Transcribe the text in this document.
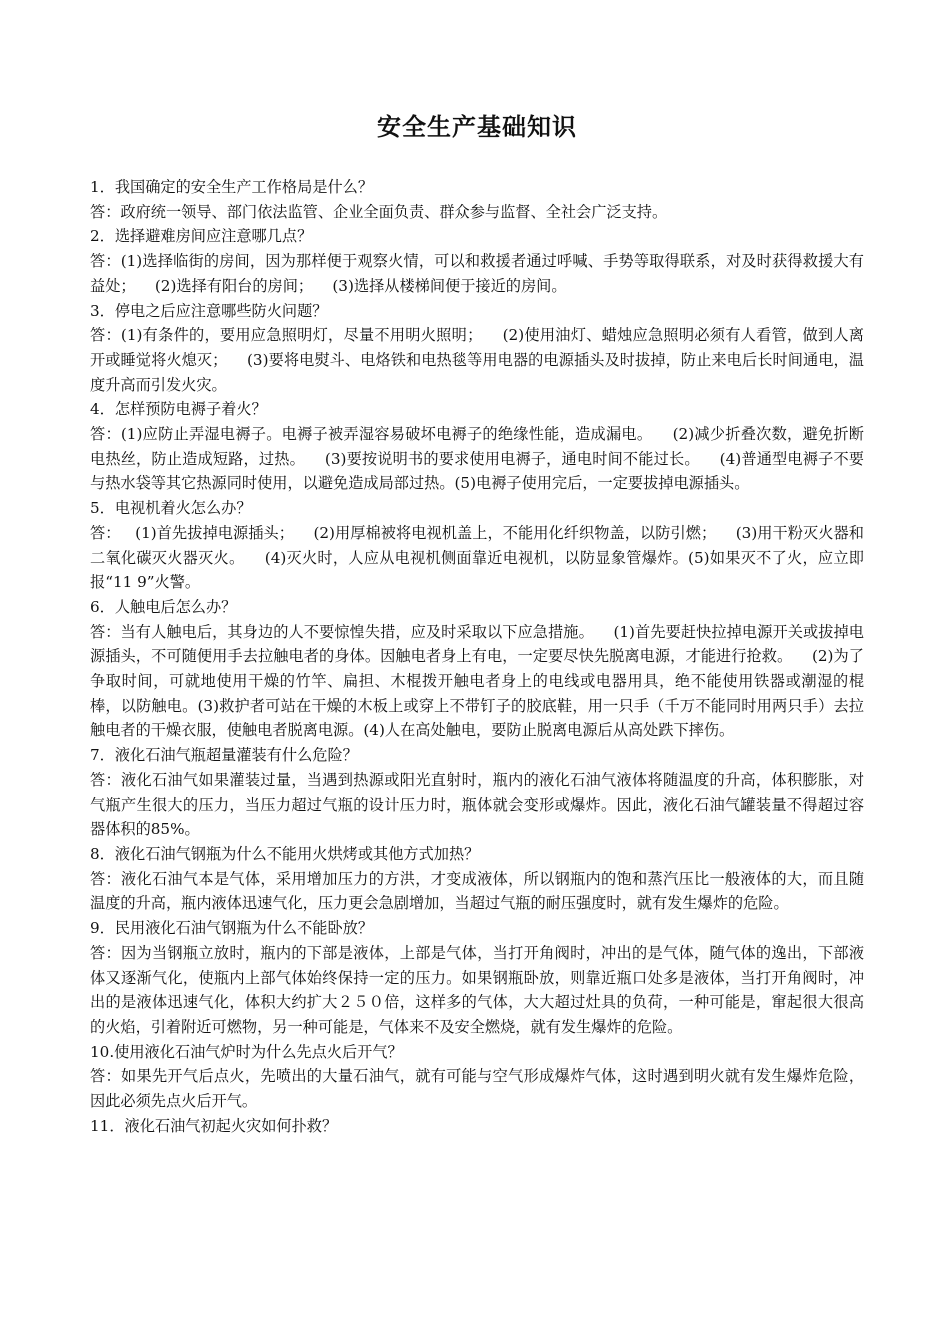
安全生产基础知识

1．我国确定的安全生产工作格局是什么？

答：政府统一领导、部门依法监管、企业全面负责、群众参与监督、全社会广泛支持。

2．选择避难房间应注意哪几点？

答：(1)选择临街的房间，因为那样便于观察火情，可以和救援者通过呼喊、手势等取得联系，对及时获得救援大有益处；    (2)选择有阳台的房间；    (3)选择从楼梯间便于接近的房间。

3．停电之后应注意哪些防火问题？

答：(1)有条件的，要用应急照明灯，尽量不用明火照明；    (2)使用油灯、蜡烛应急照明必须有人看管，做到人离开或睡觉将火熄灭；    (3)要将电熨斗、电烙铁和电热毯等用电器的电源插头及时拔掉，防止来电后长时间通电，温度升高而引发火灾。

4．怎样预防电褥子着火？

答：(1)应防止弄湿电褥子。电褥子被弄湿容易破坏电褥子的绝缘性能，造成漏电。    (2)减少折叠次数，避免折断电热丝，防止造成短路，过热。    (3)要按说明书的要求使用电褥子，通电时间不能过长。    (4)普通型电褥子不要与热水袋等其它热源同时使用，以避免造成局部过热。(5)电褥子使用完后，一定要拔掉电源插头。

5．电视机着火怎么办？

答：   (1)首先拔掉电源插头；    (2)用厚棉被将电视机盖上，不能用化纤织物盖，以防引燃；    (3)用干粉灭火器和二氧化碳灭火器灭火。    (4)灭火时，人应从电视机侧面靠近电视机，以防显象管爆炸。(5)如果灭不了火，应立即报“11 9”火警。

6．人触电后怎么办？

答：当有人触电后，其身边的人不要惊惶失措，应及时采取以下应急措施。    (1)首先要赶快拉掉电源开关或拔掉电源插头，不可随便用手去拉触电者的身体。因触电者身上有电，一定要尽快先脱离电源，才能进行抢救。    (2)为了争取时间，可就地使用干燥的竹竿、扁担、木棍拨开触电者身上的电线或电器用具，绝不能使用铁器或潮湿的棍棒，以防触电。(3)救护者可站在干燥的木板上或穿上不带钉子的胶底鞋，用一只手（千万不能同时用两只手）去拉触电者的干燥衣服，使触电者脱离电源。(4)人在高处触电，要防止脱离电源后从高处跌下摔伤。

7．液化石油气瓶超量灌装有什么危险？

答：液化石油气如果灌装过量，当遇到热源或阳光直射时，瓶内的液化石油气液体将随温度的升高，体积膨胀，对气瓶产生很大的压力，当压力超过气瓶的设计压力时，瓶体就会变形或爆炸。因此，液化石油气罐装量不得超过容器体积的85%。

8．液化石油气钢瓶为什么不能用火烘烤或其他方式加热？

答：液化石油气本是气体，采用增加压力的方洪，才变成液体，所以钢瓶内的饱和蒸汽压比一般液体的大，而且随温度的升高，瓶内液体迅速气化，压力更会急剧增加，当超过气瓶的耐压强度时，就有发生爆炸的危险。

9．民用液化石油气钢瓶为什么不能卧放？

答：因为当钢瓶立放时，瓶内的下部是液体，上部是气体，当打开角阀时，冲出的是气体，随气体的逸出，下部液体又逐渐气化，使瓶内上部气体始终保持一定的压力。如果钢瓶卧放，则靠近瓶口处多是液体，当打开角阀时，冲出的是液体迅速气化，体积大约扩大２５０倍，这样多的气体，大大超过灶具的负荷，一种可能是，窜起很大很高的火焰，引着附近可燃物，另一种可能是，气体来不及安全燃烧，就有发生爆炸的危险。

10.使用液化石油气炉时为什么先点火后开气？

答：如果先开气后点火，先喷出的大量石油气，就有可能与空气形成爆炸气体，这时遇到明火就有发生爆炸危险，因此必须先点火后开气。

11．液化石油气初起火灾如何扑救？
